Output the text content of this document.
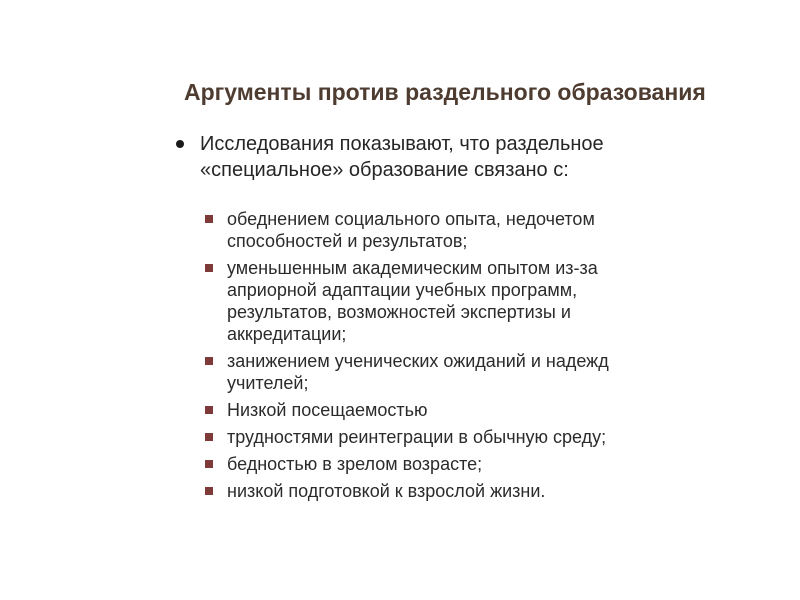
Аргументы против раздельного образования
Исследования показывают, что раздельное «специальное» образование связано с:
обеднением социального опыта, недочетом способностей и результатов;
уменьшенным академическим опытом из-за априорной адаптации учебных программ, результатов, возможностей экспертизы и аккредитации;
занижением ученических ожиданий и надежд учителей;
Низкой посещаемостью
трудностями реинтеграции в обычную среду;
бедностью в зрелом возрасте;
низкой подготовкой к взрослой жизни.
